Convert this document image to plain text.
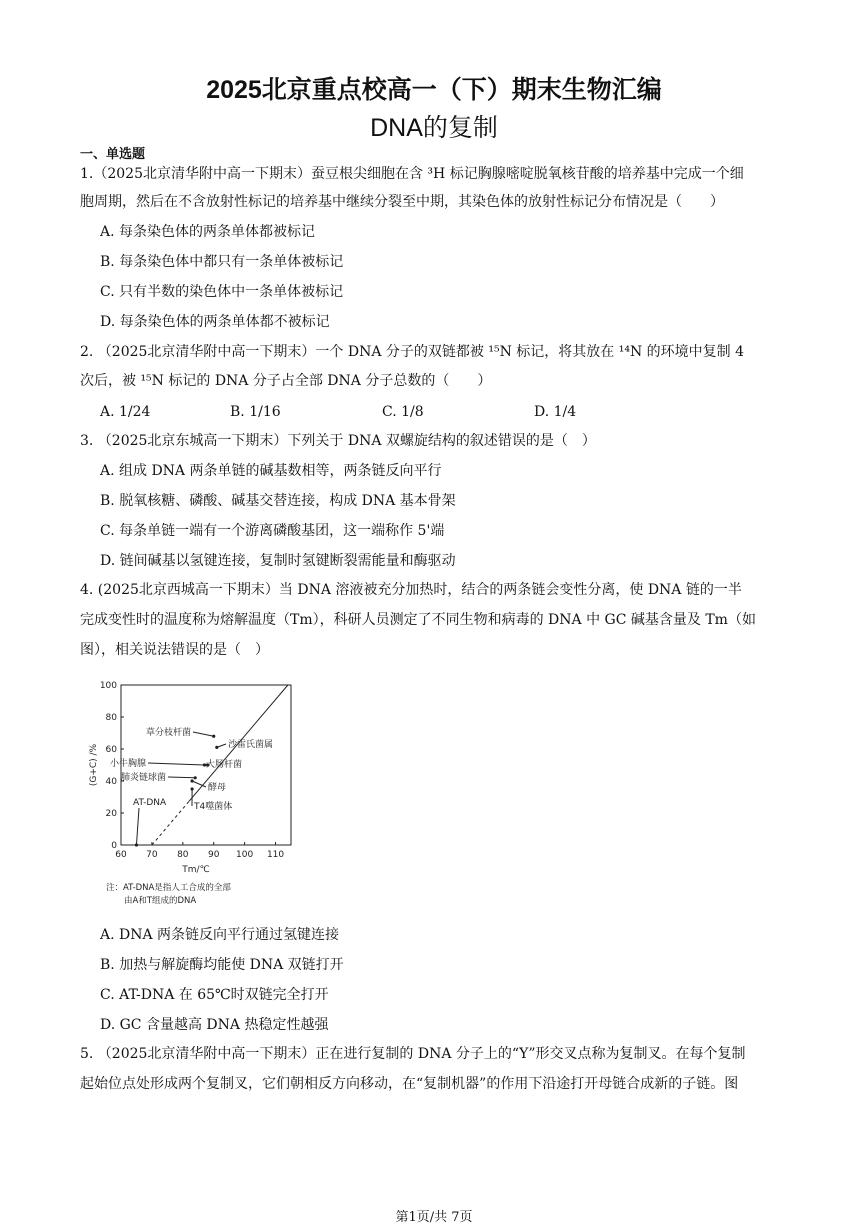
2025北京重点校高一（下）期末生物汇编
DNA的复制
一、单选题
1.（2025北京清华附中高一下期末）蚕豆根尖细胞在含 ³H 标记胸腺嘧啶脱氧核苷酸的培养基中完成一个细
胞周期，然后在不含放射性标记的培养基中继续分裂至中期，其染色体的放射性标记分布情况是（　　）
A. 每条染色体的两条单体都被标记
B. 每条染色体中都只有一条单体被标记
C. 只有半数的染色体中一条单体被标记
D. 每条染色体的两条单体都不被标记
2. （2025北京清华附中高一下期末）一个 DNA 分子的双链都被 ¹⁵N 标记，将其放在 ¹⁴N 的环境中复制 4
次后，被 ¹⁵N 标记的 DNA 分子占全部 DNA 分子总数的（　　）
A. 1/24	B. 1/16	C. 1/8	D. 1/4
3. （2025北京东城高一下期末）下列关于 DNA 双螺旋结构的叙述错误的是（　）
A. 组成 DNA 两条单链的碱基数相等，两条链反向平行
B. 脱氧核糖、磷酸、碱基交替连接，构成 DNA 基本骨架
C. 每条单链一端有一个游离磷酸基团，这一端称作 5'端
D. 链间碱基以氢键连接，复制时氢键断裂需能量和酶驱动
4. (2025北京西城高一下期末）当 DNA 溶液被充分加热时，结合的两条链会变性分离，使 DNA 链的一半
完成变性时的温度称为熔解温度（Tm），科研人员测定了不同生物和病毒的 DNA 中 GC 碱基含量及 Tm（如
图），相关说法错误的是（　）
60 70 80 90 100 110
0
20
40
60
80
100
Tm/℃
(G+C) /%
草分枝杆菌
沙雷氏菌属
小牛胸腺	大肠杆菌
肺炎链球菌
酵母
T4噬菌体
AT-DNA
注：AT-DNA是指人工合成的全部
由A和T组成的DNA
A. DNA 两条链反向平行通过氢键连接
B. 加热与解旋酶均能使 DNA 双链打开
C. AT-DNA 在 65℃时双链完全打开
D. GC 含量越高 DNA 热稳定性越强
5. （2025北京清华附中高一下期末）正在进行复制的 DNA 分子上的“Y”形交叉点称为复制叉。在每个复制
起始位点处形成两个复制叉，它们朝相反方向移动，在“复制机器”的作用下沿途打开母链合成新的子链。图
第1页/共 7页
